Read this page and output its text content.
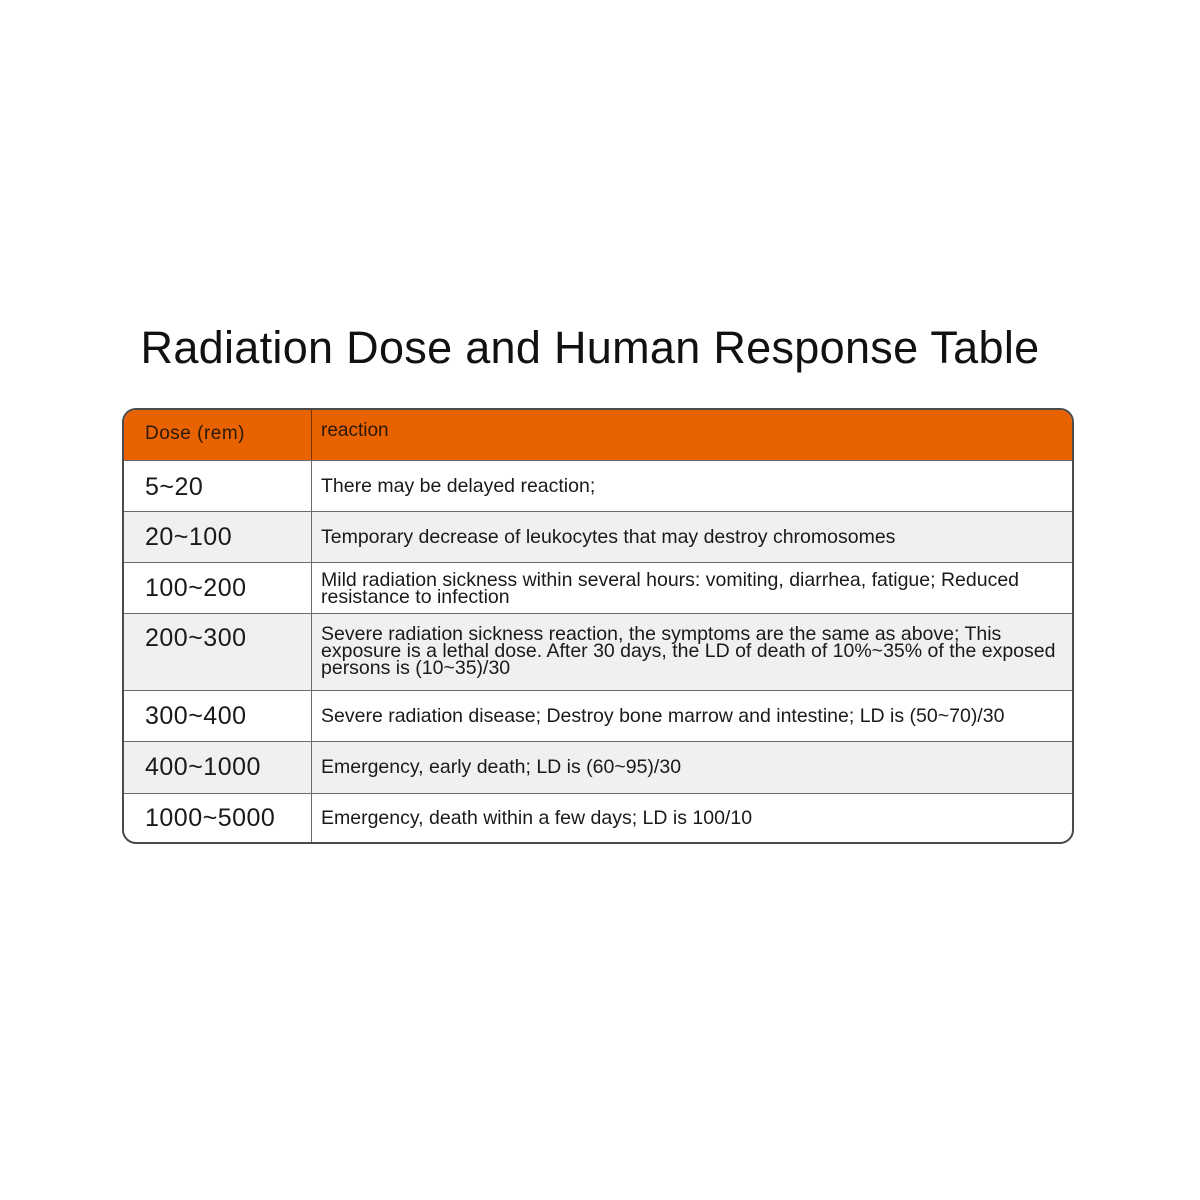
Radiation Dose and Human Response Table
Dose (rem)	reaction
5~20	There may be delayed reaction;
20~100	Temporary decrease of leukocytes that may destroy chromosomes
100~200	Mild radiation sickness within several hours: vomiting, diarrhea, fatigue; Reduced resistance to infection
200~300	Severe radiation sickness reaction, the symptoms are the same as above; This exposure is a lethal dose. After 30 days, the LD of death of 10%~35% of the exposed persons is (10~35)/30
300~400	Severe radiation disease; Destroy bone marrow and intestine; LD is (50~70)/30
400~1000	Emergency, early death; LD is (60~95)/30
1000~5000	Emergency, death within a few days; LD is 100/10
